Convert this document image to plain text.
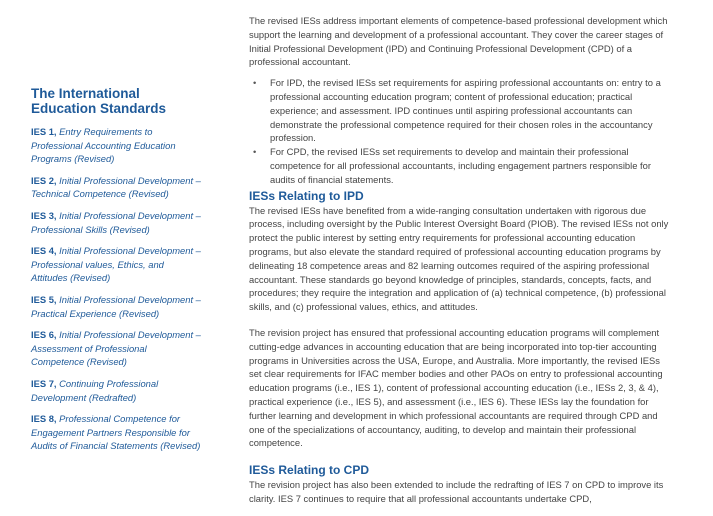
The International Education Standards
IES 1, Entry Requirements to Professional Accounting Education Programs (Revised)
IES 2, Initial Professional Development – Technical Competence (Revised)
IES 3, Initial Professional Development – Professional Skills (Revised)
IES 4, Initial Professional Development – Professional values, Ethics, and Attitudes (Revised)
IES 5, Initial Professional Development – Practical Experience (Revised)
IES 6, Initial Professional Development – Assessment of Professional Competence (Revised)
IES 7, Continuing Professional Development (Redrafted)
IES 8, Professional Competence for Engagement Partners Responsible for Audits of Financial Statements (Revised)

The revised IESs address important elements of competence-based professional development which support the learning and development of a professional accountant. They cover the career stages of Initial Professional Development (IPD) and Continuing Professional Development (CPD) of a professional accountant.

• For IPD, the revised IESs set requirements for aspiring professional accountants on: entry to a professional accounting education program; content of professional education; practical experience; and assessment. IPD continues until aspiring professional accountants can demonstrate the professional competence required for their chosen roles in the accountancy profession.
• For CPD, the revised IESs set requirements to develop and maintain their professional competence for all professional accountants, including engagement partners responsible for audits of financial statements.
IESs Relating to IPD

The revised IESs have benefited from a wide-ranging consultation undertaken with rigorous due process, including oversight by the Public Interest Oversight Board (PIOB). The revised IESs not only protect the public interest by setting entry requirements for professional accounting education programs, but also elevate the standard required of professional accounting education programs by delineating 18 competence areas and 82 learning outcomes required of the aspiring professional accountant. These standards go beyond knowledge of principles, standards, concepts, facts, and procedures; they require the integration and application of (a) technical competence, (b) professional skills, and (c) professional values, ethics, and attitudes.

The revision project has ensured that professional accounting education programs will complement cutting-edge advances in accounting education that are being incorporated into top-tier accounting programs in Universities across the USA, Europe, and Australia. More importantly, the revised IESs set clear requirements for IFAC member bodies and other PAOs on entry to professional accounting education programs (i.e., IES 1), content of professional accounting education (i.e., IESs 2, 3, & 4), practical experience (i.e., IES 5), and assessment (i.e., IES 6). These IESs lay the foundation for further learning and development in which professional accountants are required through CPD and one of the specializations of accountancy, auditing, to develop and maintain their professional competence.

IESs Relating to CPD

The revision project has also been extended to include the redrafting of IES 7 on CPD to improve its clarity. IES 7 continues to require that all professional accountants undertake CPD,
